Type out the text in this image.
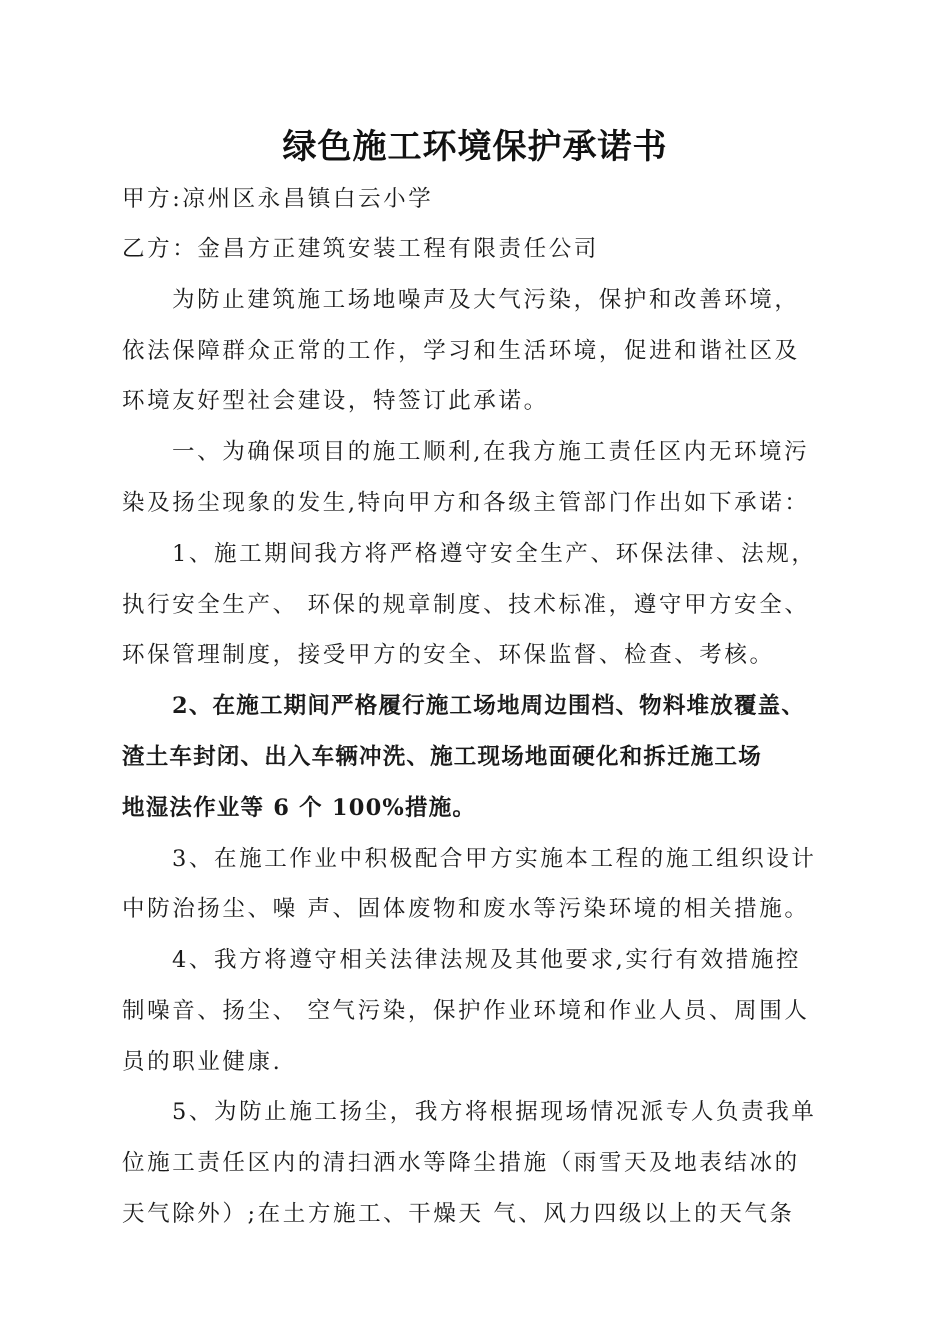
绿色施工环境保护承诺书
甲方:凉州区永昌镇白云小学
乙方：金昌方正建筑安装工程有限责任公司
为防止建筑施工场地噪声及大气污染，保护和改善环境，
依法保障群众正常的工作，学习和生活环境，促进和谐社区及
环境友好型社会建设，特签订此承诺。
一、为确保项目的施工顺利,在我方施工责任区内无环境污
染及扬尘现象的发生,特向甲方和各级主管部门作出如下承诺：
1、施工期间我方将严格遵守安全生产、环保法律、法规，
执行安全生产、 环保的规章制度、技术标准，遵守甲方安全、
环保管理制度，接受甲方的安全、环保监督、检查、考核。
2、在施工期间严格履行施工场地周边围档、物料堆放覆盖、
渣土车封闭、出入车辆冲洗、施工现场地面硬化和拆迁施工场
地湿法作业等 6 个 100%措施。
3、在施工作业中积极配合甲方实施本工程的施工组织设计
中防治扬尘、噪 声、固体废物和废水等污染环境的相关措施。
4、我方将遵守相关法律法规及其他要求,实行有效措施控
制噪音、扬尘、 空气污染，保护作业环境和作业人员、周围人
员的职业健康.
5、为防止施工扬尘，我方将根据现场情况派专人负责我单
位施工责任区内的清扫洒水等降尘措施（雨雪天及地表结冰的
天气除外）;在土方施工、干燥天 气、风力四级以上的天气条
